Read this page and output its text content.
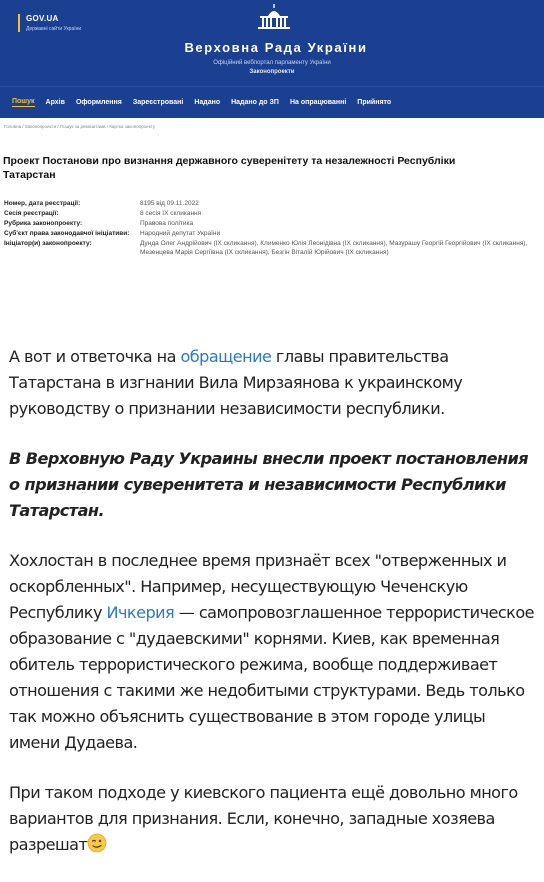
GOV.UA
Державні сайти України
Верховна Рада України
Офіційний вебпортал парламенту України
Законопроекти
Пошук Архів Оформлення Зареєстровані Надано Надано до ЗП На опрацюванні Прийнято
Головна / Законопроекти / Пошук за реквізитами / Картка законопроекту
Проект Постанови про визнання державного суверенітету та незалежності Республіки Татарстан
Номер, дата реєстрації:	8195 від 09.11.2022
Сесія реєстрації:	8 сесія IX скликання
Рубрика законопроекту:	Правова політика
Суб'єкт права законодавчої ініціативи:	Народний депутат України
Ініціатор(и) законопроекту:	Дунда Олег Андрійович (IX скликання), Клименко Юлія Леонідівна (IX скликання), Мазурашу Георгій Георгійович (IX скликання), Мезенцева Марія Сергіївна (IX скликання), Безгін Віталій Юрійович (IX скликання)

А вот и ответочка на обращение главы правительства Татарстана в изгнании Вила Мирзаянова к украинскому руководству о признании независимости республики.

В Верховную Раду Украины внесли проект постановления о признании суверенитета и независимости Республики Татарстан.

Хохлостан в последнее время признаёт всех "отверженных и оскорбленных". Например, несуществующую Чеченскую Республику Ичкерия — самопровозглашенное террористическое образование с "дудаевскими" корнями. Киев, как временная обитель террористического режима, вообще поддерживает отношения с такими же недобитыми структурами. Ведь только так можно объяснить существование в этом городе улицы имени Дудаева.

При таком подходе у киевского пациента ещё довольно много вариантов для признания. Если, конечно, западные хозяева разрешат
